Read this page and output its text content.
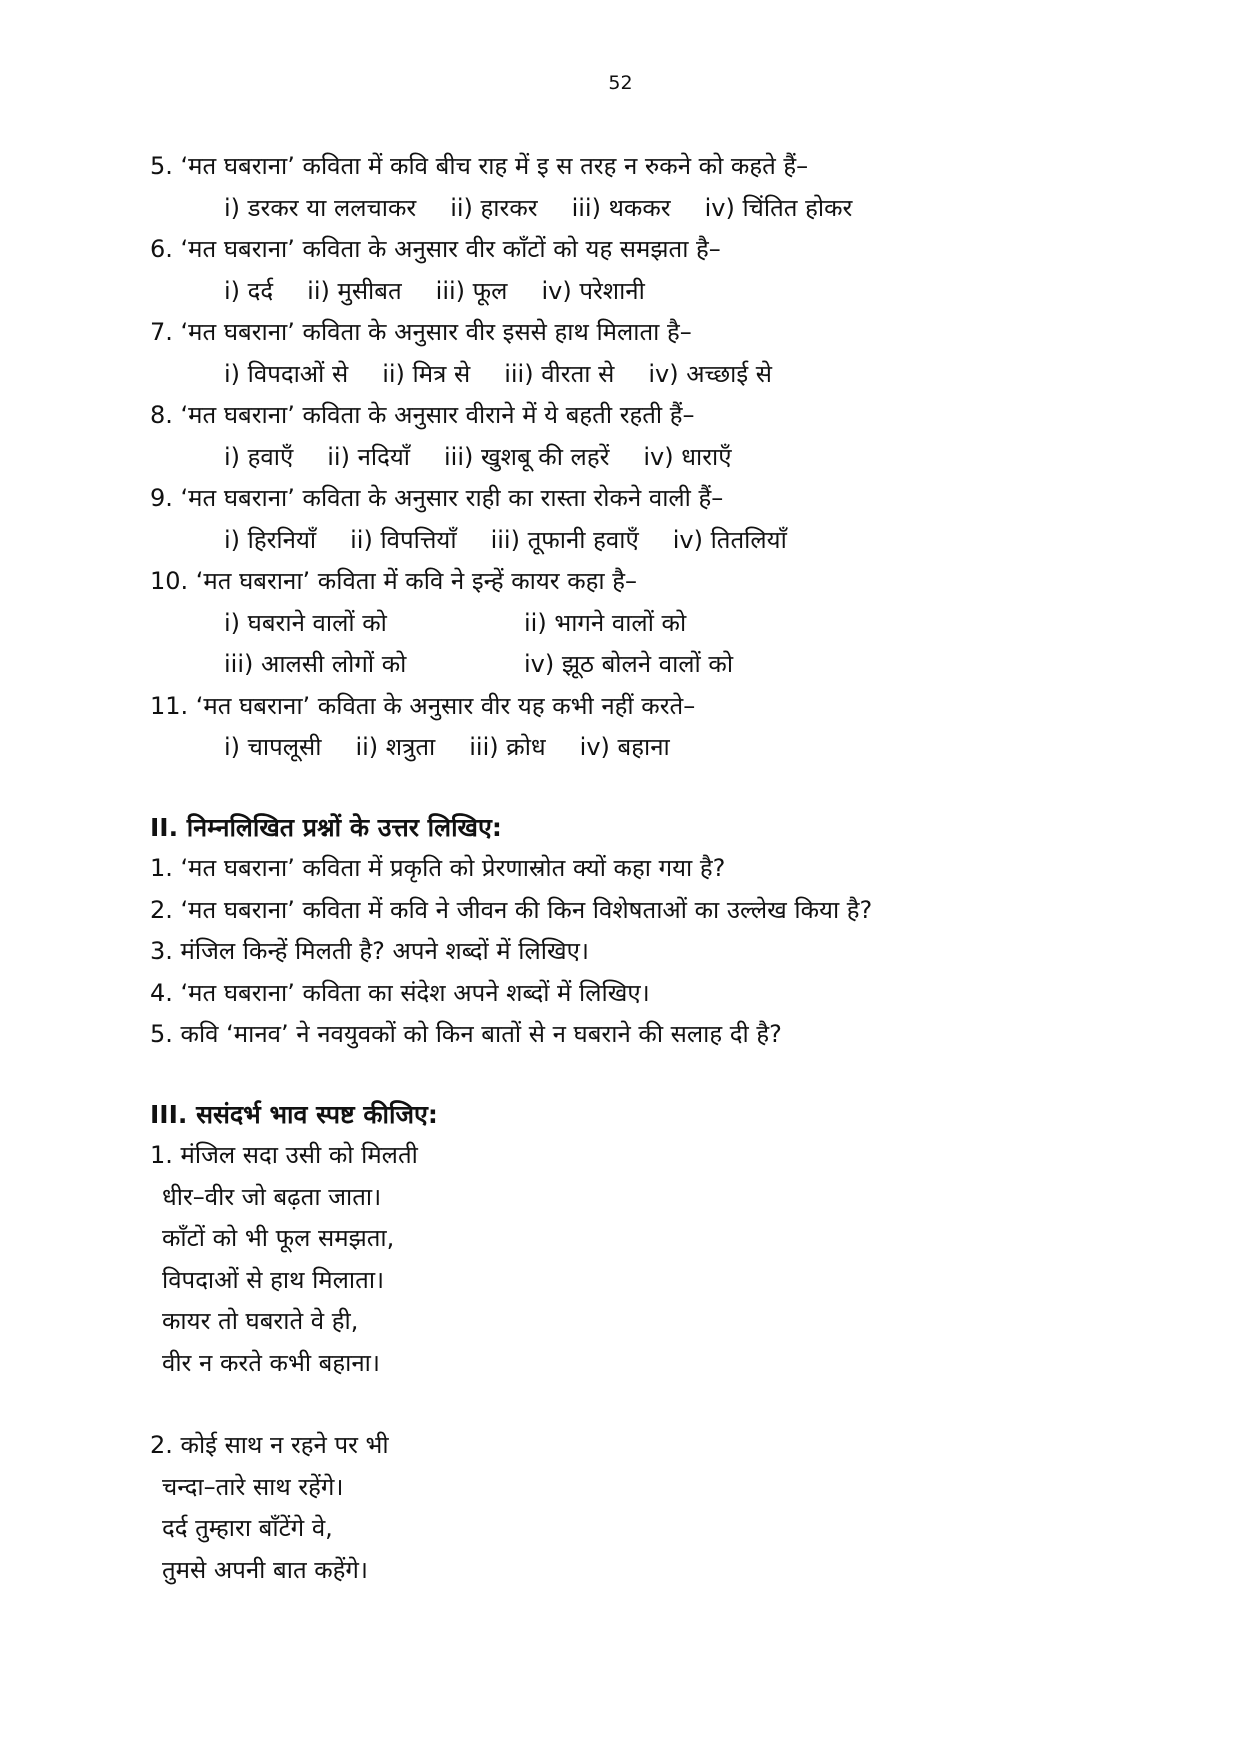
52
5. ‘मत घबराना’ कविता में कवि बीच राह में इ स तरह न रुकने को कहते हैं–
i) डरकर या ललचाकर ii) हारकर iii) थककर iv) चिंतित होकर
6. ‘मत घबराना’ कविता के अनुसार वीर काँटों को यह समझता है–
i) दर्द ii) मुसीबत iii) फूल iv) परेशानी
7. ‘मत घबराना’ कविता के अनुसार वीर इससे हाथ मिलाता है–
i) विपदाओं से ii) मित्र से iii) वीरता से iv) अच्छाई से
8. ‘मत घबराना’ कविता के अनुसार वीराने में ये बहती रहती हैं–
i) हवाएँ ii) नदियाँ iii) खुशबू की लहरें iv) धाराएँ
9. ‘मत घबराना’ कविता के अनुसार राही का रास्ता रोकने वाली हैं–
i) हिरनियाँ ii) विपत्तियाँ iii) तूफानी हवाएँ iv) तितलियाँ
10. ‘मत घबराना’ कविता में कवि ने इन्हें कायर कहा है–
i) घबराने वालों को	ii) भागने वालों को
iii) आलसी लोगों को	iv) झूठ बोलने वालों को
11. ‘मत घबराना’ कविता के अनुसार वीर यह कभी नहीं करते–
i) चापलूसी ii) शत्रुता iii) क्रोध iv) बहाना
II. निम्नलिखित प्रश्नों के उत्तर लिखिए:
1. ‘मत घबराना’ कविता में प्रकृति को प्रेरणास्रोत क्यों कहा गया है?
2. ‘मत घबराना’ कविता में कवि ने जीवन की किन विशेषताओं का उल्लेख किया है?
3. मंजिल किन्हें मिलती है? अपने शब्दों में लिखिए।
4. ‘मत घबराना’ कविता का संदेश अपने शब्दों में लिखिए।
5. कवि ‘मानव’ ने नवयुवकों को किन बातों से न घबराने की सलाह दी है?
III. ससंदर्भ भाव स्पष्ट कीजिए:
1. मंजिल सदा उसी को मिलती
धीर–वीर जो बढ़ता जाता।
काँटों को भी फूल समझता,
विपदाओं से हाथ मिलाता।
कायर तो घबराते वे ही,
वीर न करते कभी बहाना।
2. कोई साथ न रहने पर भी
चन्दा–तारे साथ रहेंगे।
दर्द तुम्हारा बाँटेंगे वे,
तुमसे अपनी बात कहेंगे।
